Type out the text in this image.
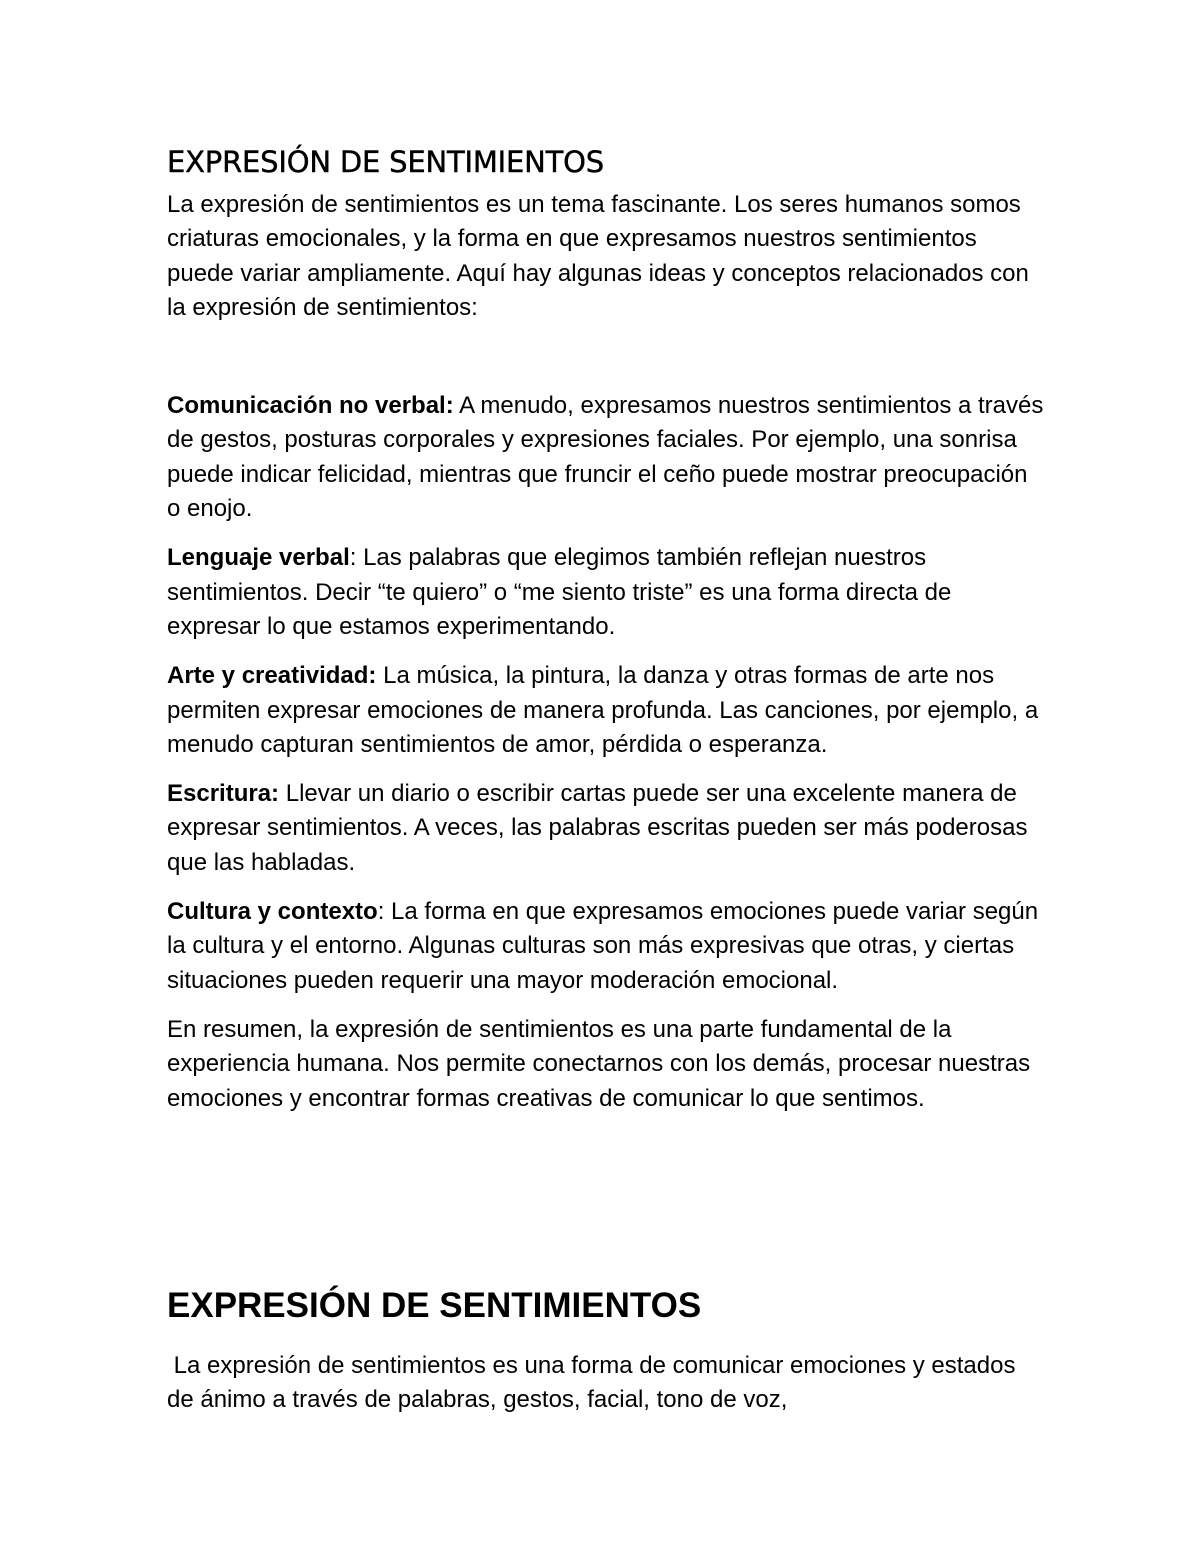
EXPRESIÓN DE SENTIMIENTOS

La expresión de sentimientos es un tema fascinante. Los seres humanos somos criaturas emocionales, y la forma en que expresamos nuestros sentimientos puede variar ampliamente. Aquí hay algunas ideas y conceptos relacionados con la expresión de sentimientos:

Comunicación no verbal: A menudo, expresamos nuestros sentimientos a través de gestos, posturas corporales y expresiones faciales. Por ejemplo, una sonrisa puede indicar felicidad, mientras que fruncir el ceño puede mostrar preocupación o enojo.

Lenguaje verbal: Las palabras que elegimos también reflejan nuestros sentimientos. Decir “te quiero” o “me siento triste” es una forma directa de expresar lo que estamos experimentando.

Arte y creatividad: La música, la pintura, la danza y otras formas de arte nos permiten expresar emociones de manera profunda. Las canciones, por ejemplo, a menudo capturan sentimientos de amor, pérdida o esperanza.

Escritura: Llevar un diario o escribir cartas puede ser una excelente manera de expresar sentimientos. A veces, las palabras escritas pueden ser más poderosas que las habladas.

Cultura y contexto: La forma en que expresamos emociones puede variar según la cultura y el entorno. Algunas culturas son más expresivas que otras, y ciertas situaciones pueden requerir una mayor moderación emocional.

En resumen, la expresión de sentimientos es una parte fundamental de la experiencia humana. Nos permite conectarnos con los demás, procesar nuestras emociones y encontrar formas creativas de comunicar lo que sentimos.

EXPRESIÓN DE SENTIMIENTOS

La expresión de sentimientos es una forma de comunicar emociones y estados de ánimo a través de palabras, gestos, facial, tono de voz,
